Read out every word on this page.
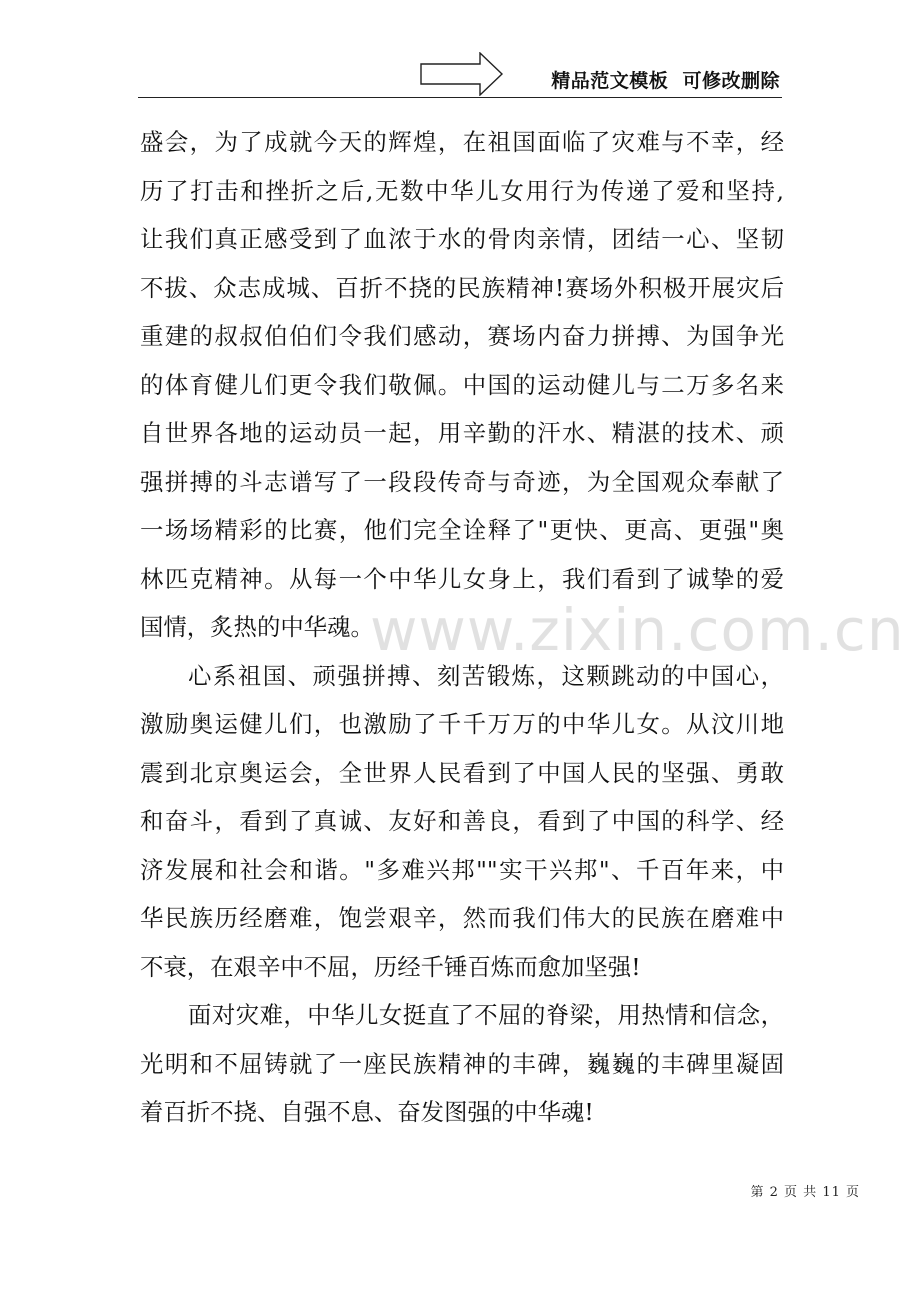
精品范文模板  可修改删除
www.zixin.com.cn
盛会，为了成就今天的辉煌，在祖国面临了灾难与不幸，经
历了打击和挫折之后,无数中华儿女用行为传递了爱和坚持,
让我们真正感受到了血浓于水的骨肉亲情，团结一心、坚韧
不拔、众志成城、百折不挠的民族精神!赛场外积极开展灾后
重建的叔叔伯伯们令我们感动，赛场内奋力拼搏、为国争光
的体育健儿们更令我们敬佩。中国的运动健儿与二万多名来
自世界各地的运动员一起，用辛勤的汗水、精湛的技术、顽
强拼搏的斗志谱写了一段段传奇与奇迹，为全国观众奉献了
一场场精彩的比赛，他们完全诠释了"更快、更高、更强"奥
林匹克精神。从每一个中华儿女身上，我们看到了诚挚的爱
国情，炙热的中华魂。
心系祖国、顽强拼搏、刻苦锻炼，这颗跳动的中国心，
激励奥运健儿们，也激励了千千万万的中华儿女。从汶川地
震到北京奥运会，全世界人民看到了中国人民的坚强、勇敢
和奋斗，看到了真诚、友好和善良，看到了中国的科学、经
济发展和社会和谐。"多难兴邦""实干兴邦"、千百年来，中
华民族历经磨难，饱尝艰辛，然而我们伟大的民族在磨难中
不衰，在艰辛中不屈，历经千锤百炼而愈加坚强!
面对灾难，中华儿女挺直了不屈的脊梁，用热情和信念，
光明和不屈铸就了一座民族精神的丰碑，巍巍的丰碑里凝固
着百折不挠、自强不息、奋发图强的中华魂!
第 2 页 共 11 页
